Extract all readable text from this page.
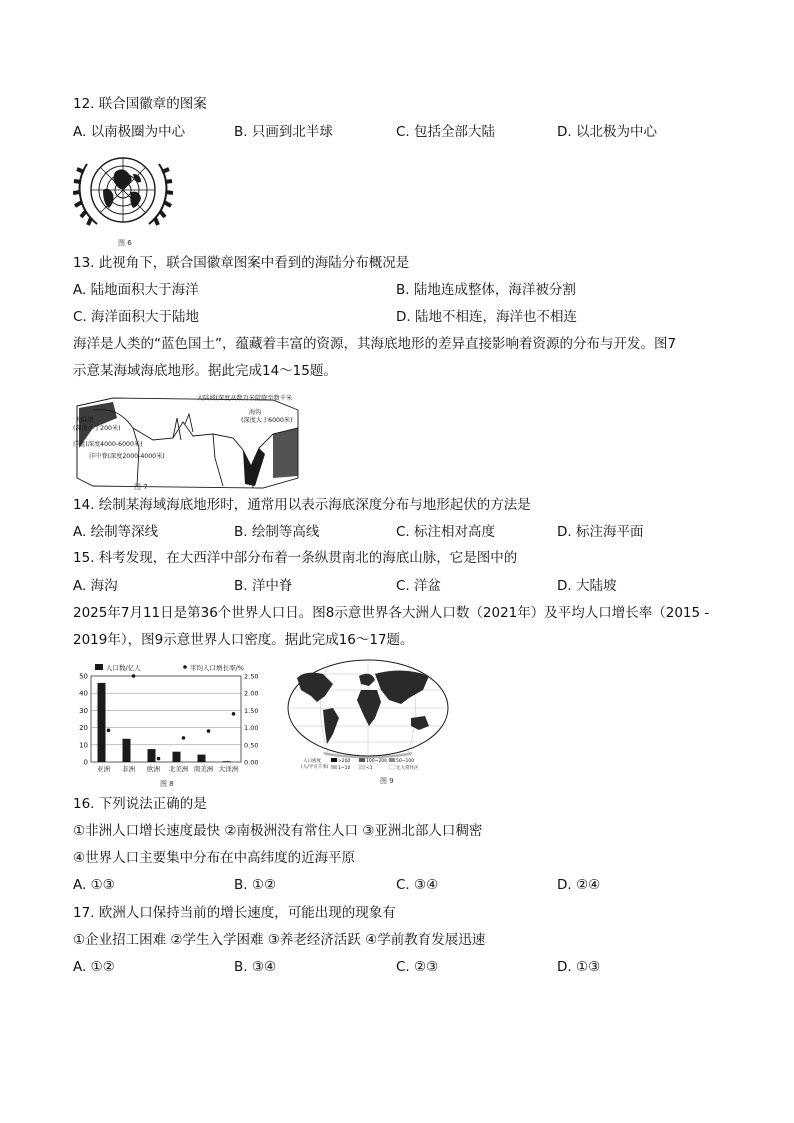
12. 联合国徽章的图案
A. 以南极圈为中心	B. 只画到北半球	C. 包括全部大陆	D. 以北极为中心
图 6
13. 此视角下，联合国徽章图案中看到的海陆分布概况是
A. 陆地面积大于海洋	B. 陆地连成整体，海洋被分割
C. 海洋面积大于陆地	D. 陆地不相连，海洋也不相连
海洋是人类的“蓝色国土”，蕴藏着丰富的资源，其海底地形的差异直接影响着资源的分布与开发。图7
示意某海域海底地形。据此完成14～15题。
大陆坡(深度从数百米陡降至数千米
海沟
(深度大于6000米)
大陆架
(深度小于200米)
洋盆(深度4000-6000米)
洋中脊(深度2000-4000米)
图 7
14. 绘制某海域海底地形时，通常用以表示海底深度分布与地形起伏的方法是
A. 绘制等深线	B. 绘制等高线	C. 标注相对高度	D. 标注海平面
15. 科考发现，在大西洋中部分布着一条纵贯南北的海底山脉，它是图中的
A. 海沟	B. 洋中脊	C. 洋盆	D. 大陆坡
2025年7月11日是第36个世界人口日。图8示意世界各大洲人口数（2021年）及平均人口增长率（2015 -
2019年），图9示意世界人口密度。据此完成16～17题。
0
10
20
30
40
50
0.00
0.50
1.00
1.50
2.00
2.50
亚洲 非洲 欧洲 北美洲 南美洲 大洋洲
人口数/亿人	平均人口增长率/%
图 8
人口密度
(人/平方千米)
>200	100~200 50~100
1~10	<1	无人常住区
图 9
16. 下列说法正确的是
①非洲人口增长速度最快 ②南极洲没有常住人口 ③亚洲北部人口稠密
④世界人口主要集中分布在中高纬度的近海平原
A. ①③	B. ①②	C. ③④	D. ②④
17. 欧洲人口保持当前的增长速度，可能出现的现象有
①企业招工困难 ②学生入学困难 ③养老经济活跃 ④学前教育发展迅速
A. ①②	B. ③④	C. ②③	D. ①③
